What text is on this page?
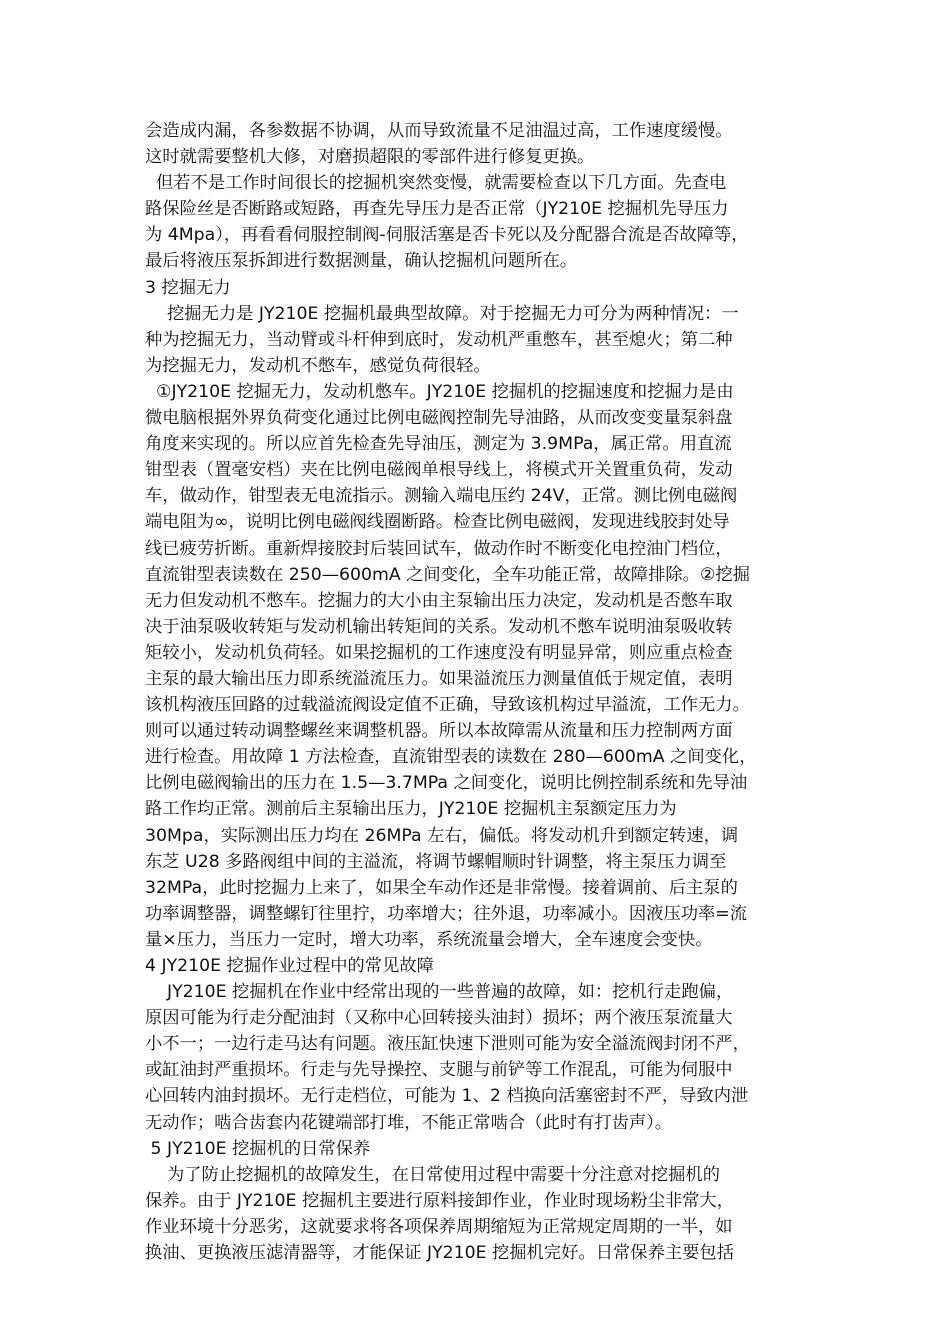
会造成内漏，各参数据不协调，从而导致流量不足油温过高，工作速度缓慢。
这时就需要整机大修，对磨损超限的零部件进行修复更换。
但若不是工作时间很长的挖掘机突然变慢，就需要检查以下几方面。先查电
路保险丝是否断路或短路，再查先导压力是否正常（JY210E 挖掘机先导压力
为 4Mpa），再看看伺服控制阀-伺服活塞是否卡死以及分配器合流是否故障等，
最后将液压泵拆卸进行数据测量，确认挖掘机问题所在。
3 挖掘无力
挖掘无力是 JY210E 挖掘机最典型故障。对于挖掘无力可分为两种情况：一
种为挖掘无力，当动臂或斗杆伸到底时，发动机严重憋车，甚至熄火；第二种
为挖掘无力，发动机不憋车，感觉负荷很轻。
①JY210E 挖掘无力，发动机憋车。JY210E 挖掘机的挖掘速度和挖掘力是由
微电脑根据外界负荷变化通过比例电磁阀控制先导油路，从而改变变量泵斜盘
角度来实现的。所以应首先检查先导油压，测定为 3.9MPa，属正常。用直流
钳型表（置毫安档）夹在比例电磁阀单根导线上，将模式开关置重负荷，发动
车，做动作，钳型表无电流指示。测输入端电压约 24V，正常。测比例电磁阀
端电阻为∞，说明比例电磁阀线圈断路。检查比例电磁阀，发现进线胶封处导
线已疲劳折断。重新焊接胶封后装回试车，做动作时不断变化电控油门档位，
直流钳型表读数在 250—600mA 之间变化，全车功能正常，故障排除。②挖掘
无力但发动机不憋车。挖掘力的大小由主泵输出压力决定，发动机是否憋车取
决于油泵吸收转矩与发动机输出转矩间的关系。发动机不憋车说明油泵吸收转
矩较小，发动机负荷轻。如果挖掘机的工作速度没有明显异常，则应重点检查
主泵的最大输出压力即系统溢流压力。如果溢流压力测量值低于规定值，表明
该机构液压回路的过载溢流阀设定值不正确，导致该机构过早溢流，工作无力。
则可以通过转动调整螺丝来调整机器。所以本故障需从流量和压力控制两方面
进行检查。用故障 1 方法检查，直流钳型表的读数在 280—600mA 之间变化，
比例电磁阀输出的压力在 1.5—3.7MPa 之间变化，说明比例控制系统和先导油
路工作均正常。测前后主泵输出压力，JY210E 挖掘机主泵额定压力为
30Mpa，实际测出压力均在 26MPa 左右，偏低。将发动机升到额定转速，调
东芝 U28 多路阀组中间的主溢流，将调节螺帽顺时针调整，将主泵压力调至
32MPa，此时挖掘力上来了，如果全车动作还是非常慢。接着调前、后主泵的
功率调整器，调整螺钉往里拧，功率增大；往外退，功率减小。因液压功率=流
量×压力，当压力一定时，增大功率，系统流量会增大，全车速度会变快。
4 JY210E 挖掘作业过程中的常见故障
JY210E 挖掘机在作业中经常出现的一些普遍的故障，如：挖机行走跑偏，
原因可能为行走分配油封（又称中心回转接头油封）损坏；两个液压泵流量大
小不一；一边行走马达有问题。液压缸快速下泄则可能为安全溢流阀封闭不严，
或缸油封严重损坏。行走与先导操控、支腿与前铲等工作混乱，可能为伺服中
心回转内油封损坏。无行走档位，可能为 1、2 档换向活塞密封不严，导致内泄
无动作；啮合齿套内花键端部打堆，不能正常啮合（此时有打齿声）。
5 JY210E 挖掘机的日常保养
为了防止挖掘机的故障发生，在日常使用过程中需要十分注意对挖掘机的
保养。由于 JY210E 挖掘机主要进行原料接卸作业，作业时现场粉尘非常大，
作业环境十分恶劣，这就要求将各项保养周期缩短为正常规定周期的一半，如
换油、更换液压滤清器等，才能保证 JY210E 挖掘机完好。日常保养主要包括
